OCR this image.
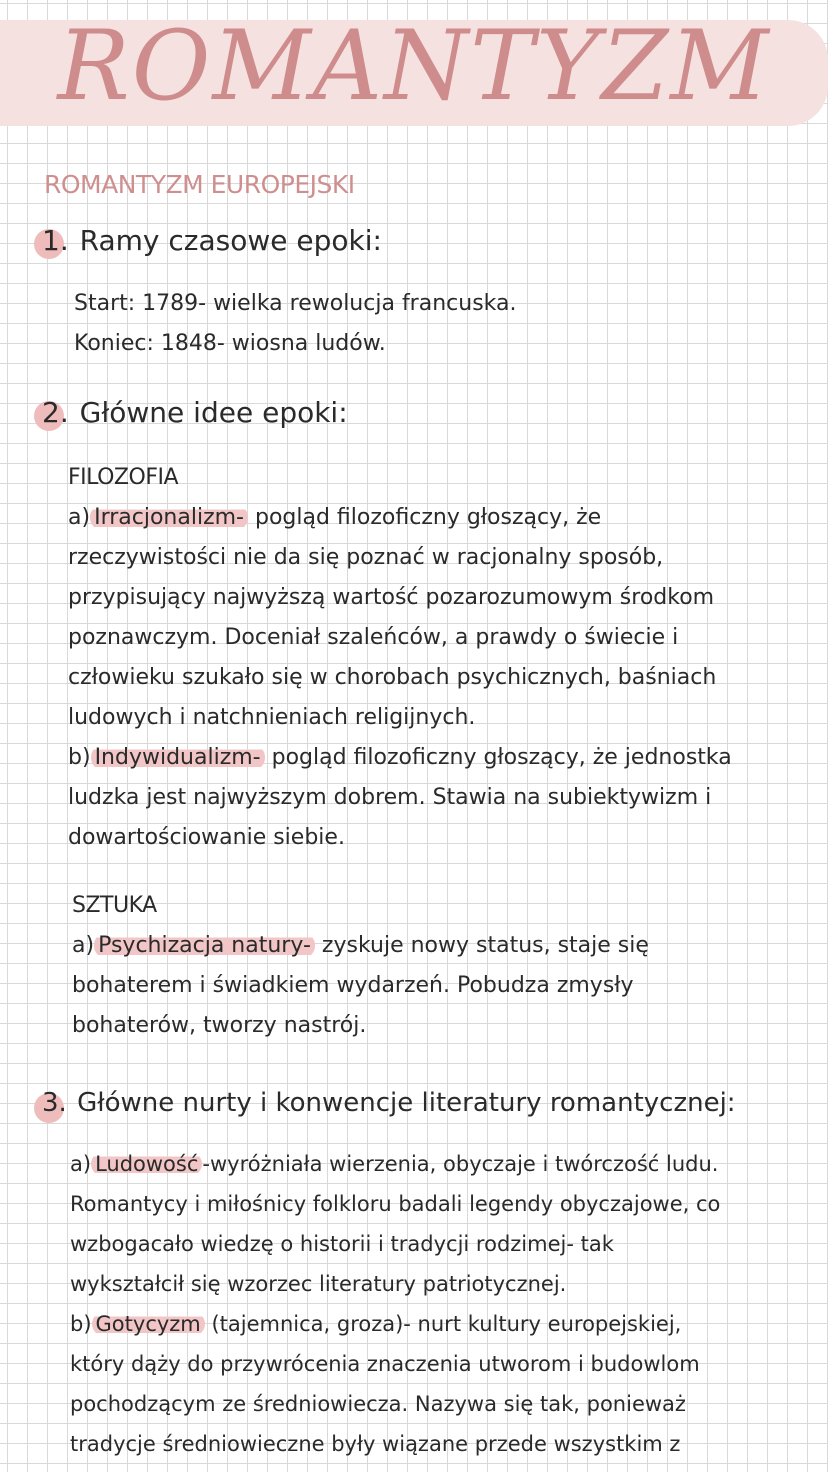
ROMANTYZM
ROMANTYZM EUROPEJSKI
1. Ramy czasowe epoki:
Start: 1789- wielka rewolucja francuska.
Koniec: 1848- wiosna ludów.
2. Główne idee epoki:
FILOZOFIA
a) Irracjonalizm- pogląd filozoficzny głoszący, że
rzeczywistości nie da się poznać w racjonalny sposób,
przypisujący najwyższą wartość pozarozumowym środkom
poznawczym. Doceniał szaleńców, a prawdy o świecie i
człowieku szukało się w chorobach psychicznych, baśniach
ludowych i natchnieniach religijnych.
b) Indywidualizm- pogląd filozoficzny głoszący, że jednostka
ludzka jest najwyższym dobrem. Stawia na subiektywizm i
dowartościowanie siebie.
SZTUKA
a) Psychizacja natury- zyskuje nowy status, staje się
bohaterem i świadkiem wydarzeń. Pobudza zmysły
bohaterów, tworzy nastrój.
3. Główne nurty i konwencje literatury romantycznej:
a) Ludowość -wyróżniała wierzenia, obyczaje i twórczość ludu.
Romantycy i miłośnicy folkloru badali legendy obyczajowe, co
wzbogacało wiedzę o historii i tradycji rodzimej- tak
wykształcił się wzorzec literatury patriotycznej.
b) Gotycyzm (tajemnica, groza)- nurt kultury europejskiej,
który dąży do przywrócenia znaczenia utworom i budowlom
pochodzącym ze średniowiecza. Nazywa się tak, ponieważ
tradycje średniowieczne były wiązane przede wszystkim z
